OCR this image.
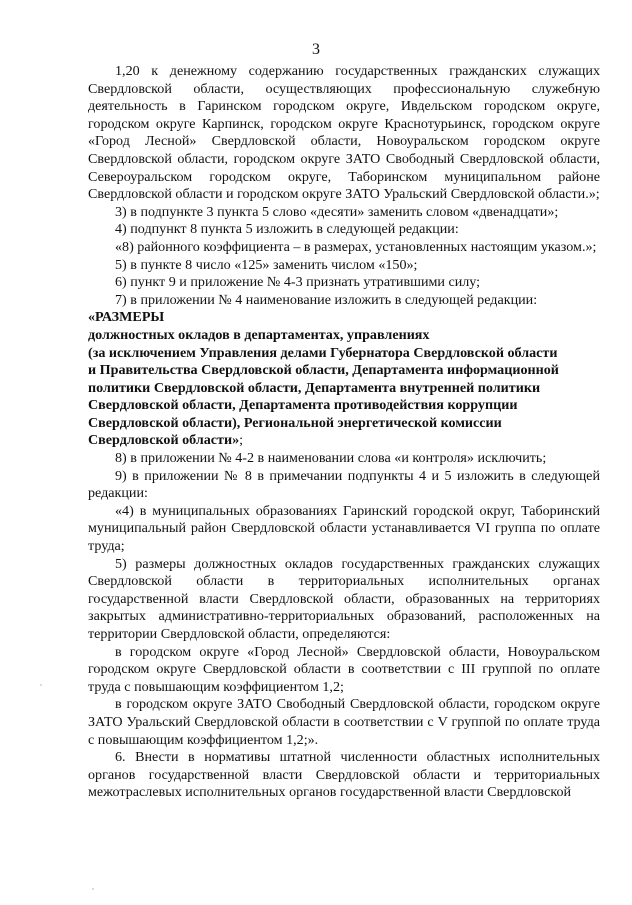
3

1,20 к денежному содержанию государственных гражданских служащих Свердловской области, осуществляющих профессиональную служебную деятельность в Гаринском городском округе, Ивдельском городском округе, городском округе Карпинск, городском округе Краснотурьинск, городском округе «Город Лесной» Свердловской области, Новоуральском городском округе Свердловской области, городском округе ЗАТО Свободный Свердловской области, Североуральском городском округе, Таборинском муниципальном районе Свердловской области и городском округе ЗАТО Уральский Свердловской области.»;

3) в подпункте 3 пункта 5 слово «десяти» заменить словом «двенадцати»;

4) подпункт 8 пункта 5 изложить в следующей редакции:

«8) районного коэффициента – в размерах, установленных настоящим указом.»;

5) в пункте 8 число «125» заменить числом «150»;

6) пункт 9 и приложение № 4-3 признать утратившими силу;

7) в приложении № 4 наименование изложить в следующей редакции:

«РАЗМЕРЫ

должностных окладов в департаментах, управлениях

(за исключением Управления делами Губернатора Свердловской области

и Правительства Свердловской области, Департамента информационной

политики Свердловской области, Департамента внутренней политики

Свердловской области, Департамента противодействия коррупции

Свердловской области), Региональной энергетической комиссии

Свердловской области»;

8) в приложении № 4-2 в наименовании слова «и контроля» исключить;

9) в приложении № 8 в примечании подпункты 4 и 5 изложить в следующей редакции:

«4) в муниципальных образованиях Гаринский городской округ, Таборинский муниципальный район Свердловской области устанавливается VI группа по оплате труда;

5) размеры должностных окладов государственных гражданских служащих Свердловской области в территориальных исполнительных органах государственной власти Свердловской области, образованных на территориях закрытых административно-территориальных образований, расположенных на территории Свердловской области, определяются:

в городском округе «Город Лесной» Свердловской области, Новоуральском городском округе Свердловской области в соответствии с III группой по оплате труда с повышающим коэффициентом 1,2;

в городском округе ЗАТО Свободный Свердловской области, городском округе ЗАТО Уральский Свердловской области в соответствии с V группой по оплате труда с повышающим коэффициентом 1,2;».

6. Внести в нормативы штатной численности областных исполнительных органов государственной власти Свердловской области и территориальных межотраслевых исполнительных органов государственной власти Свердловской
